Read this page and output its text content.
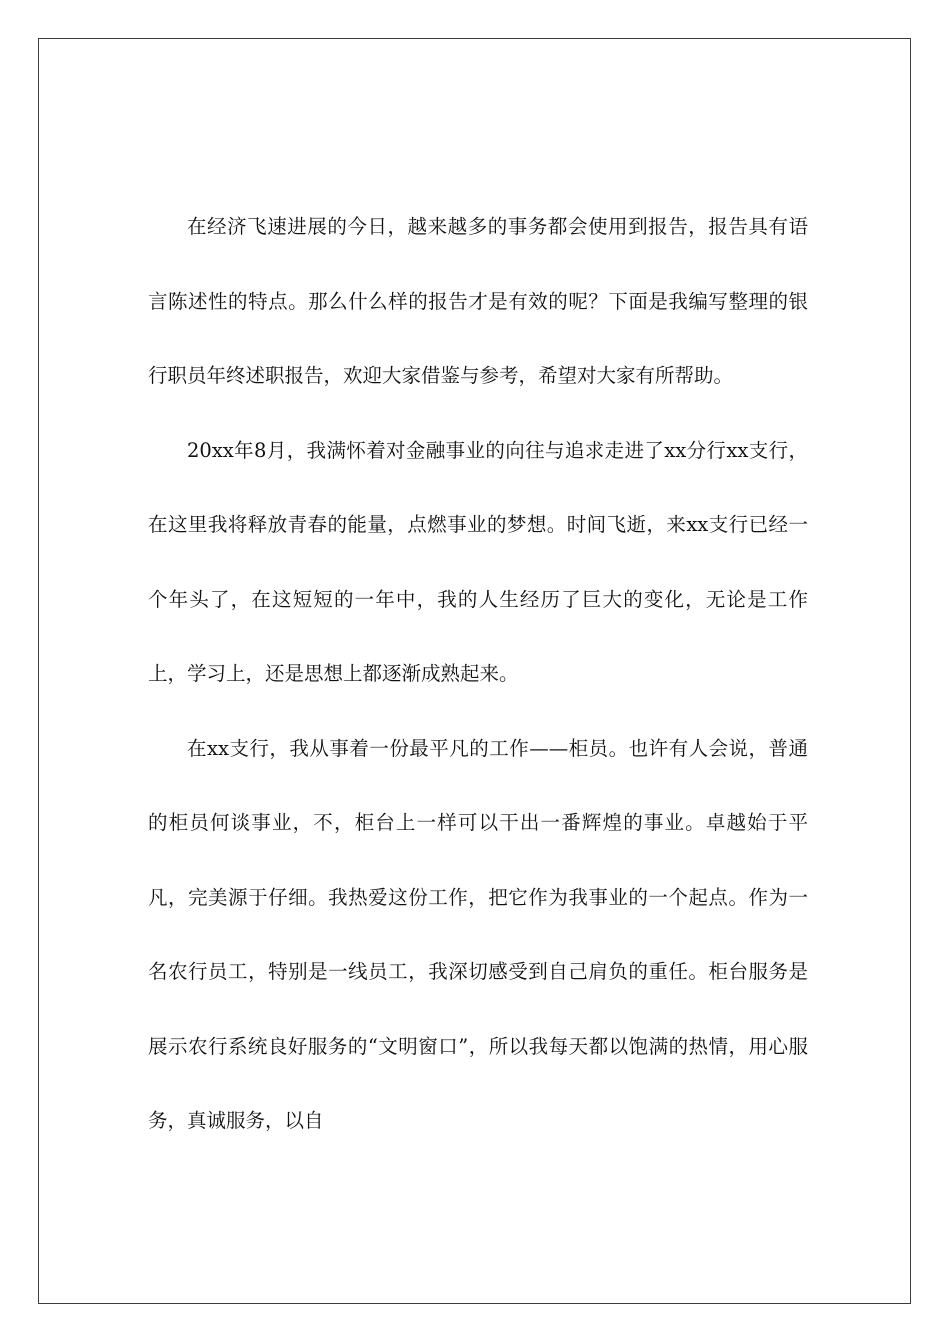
在经济飞速进展的今日，越来越多的事务都会使用到报告，报告具有语言陈述性的特点。那么什么样的报告才是有效的呢？下面是我编写整理的银行职员年终述职报告，欢迎大家借鉴与参考，希望对大家有所帮助。

20xx年8月，我满怀着对金融事业的向往与追求走进了xx分行xx支行，在这里我将释放青春的能量，点燃事业的梦想。时间飞逝，来xx支行已经一个年头了，在这短短的一年中，我的人生经历了巨大的变化，无论是工作上，学习上，还是思想上都逐渐成熟起来。

在xx支行，我从事着一份最平凡的工作——柜员。也许有人会说，普通的柜员何谈事业，不，柜台上一样可以干出一番辉煌的事业。卓越始于平凡，完美源于仔细。我热爱这份工作，把它作为我事业的一个起点。作为一名农行员工，特别是一线员工，我深切感受到自己肩负的重任。柜台服务是展示农行系统良好服务的“文明窗口”，所以我每天都以饱满的热情，用心服务，真诚服务，以自
